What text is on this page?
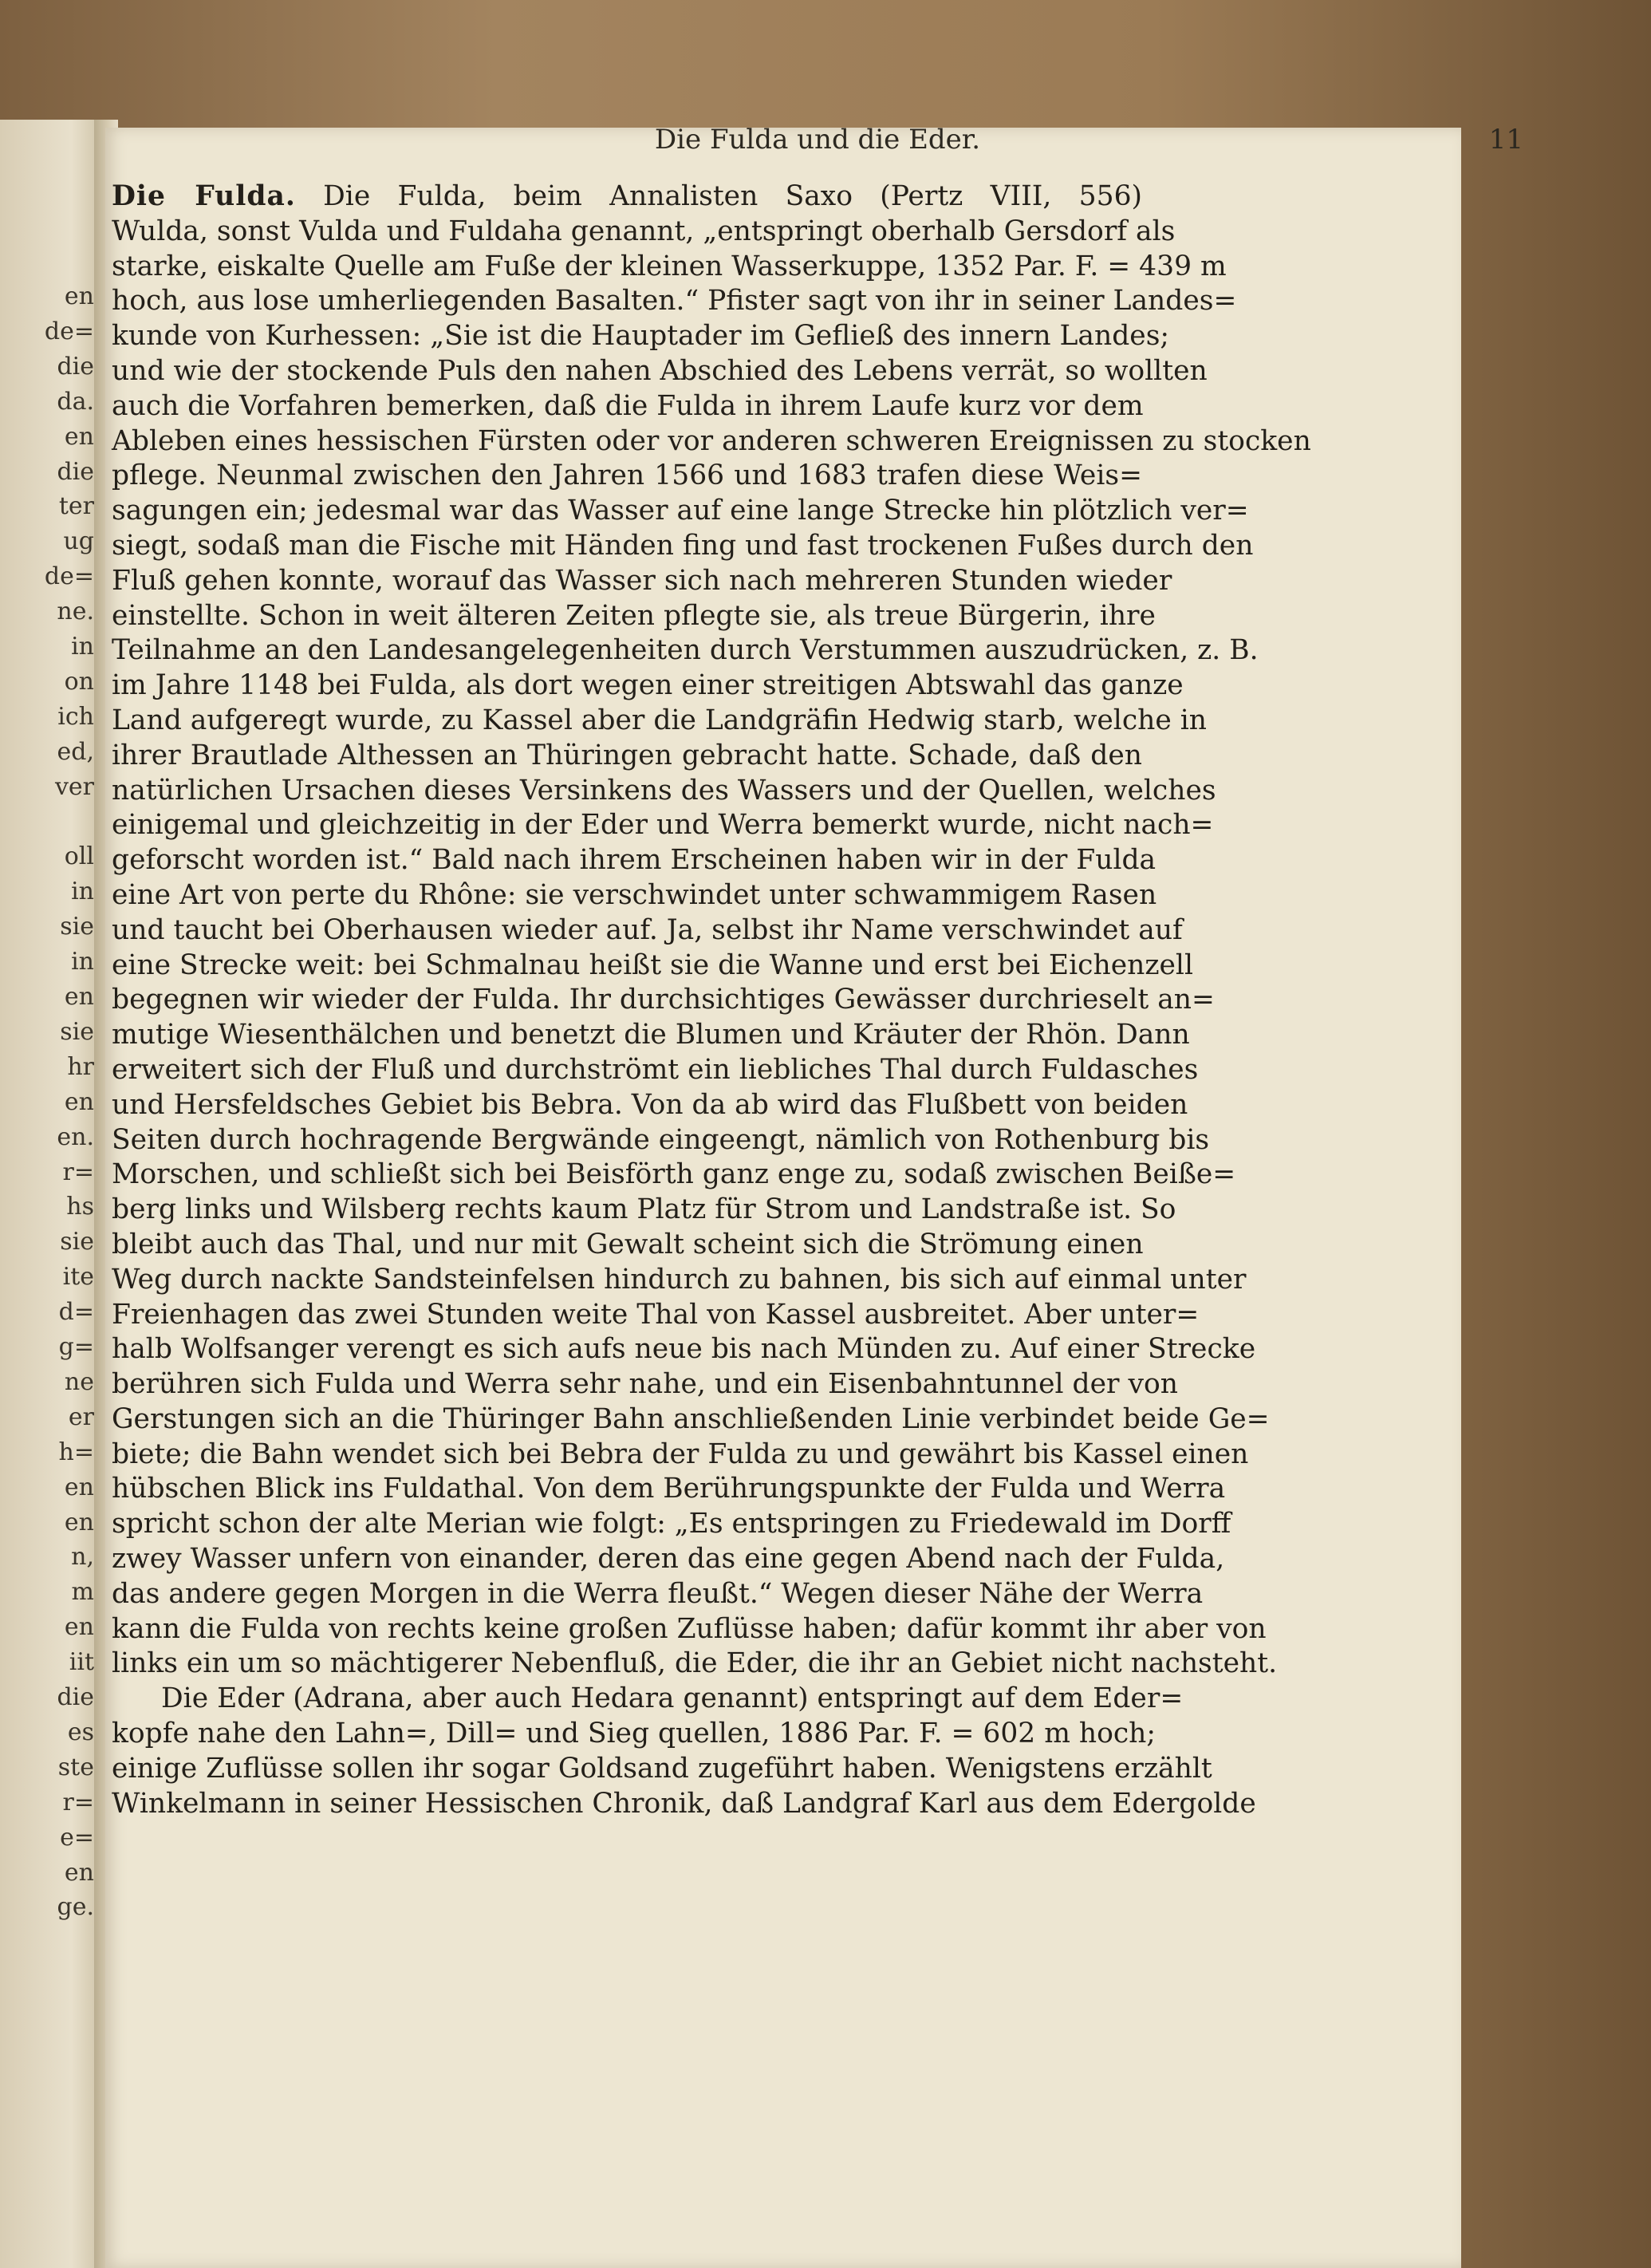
en
de=
die
da.
en
die
ter
ug
de=
ne.
in
on
ich
ed,
ver
oll
in
sie
in
en
sie
hr
en
en.
r=
hs
sie
ite
d=
g=
ne
er
h=
en
en
n,
m
en
iit
die
es
ste
r=
e=
en
ge.
Die Fulda und die Eder.	11

Die Fulda. Die Fulda, beim Annalisten Saxo (Pertz VIII, 556)
Wulda, sonst Vulda und Fuldaha genannt, „entspringt oberhalb Gersdorf als
starke, eiskalte Quelle am Fuße der kleinen Wasserkuppe, 1352 Par. F. = 439 m
hoch, aus lose umherliegenden Basalten.“ Pfister sagt von ihr in seiner Landes=
kunde von Kurhessen: „Sie ist die Hauptader im Gefließ des innern Landes;
und wie der stockende Puls den nahen Abschied des Lebens verrät, so wollten
auch die Vorfahren bemerken, daß die Fulda in ihrem Laufe kurz vor dem
Ableben eines hessischen Fürsten oder vor anderen schweren Ereignissen zu stocken
pflege. Neunmal zwischen den Jahren 1566 und 1683 trafen diese Weis=
sagungen ein; jedesmal war das Wasser auf eine lange Strecke hin plötzlich ver=
siegt, sodaß man die Fische mit Händen fing und fast trockenen Fußes durch den
Fluß gehen konnte, worauf das Wasser sich nach mehreren Stunden wieder
einstellte. Schon in weit älteren Zeiten pflegte sie, als treue Bürgerin, ihre
Teilnahme an den Landesangelegenheiten durch Verstummen auszudrücken, z. B.
im Jahre 1148 bei Fulda, als dort wegen einer streitigen Abtswahl das ganze
Land aufgeregt wurde, zu Kassel aber die Landgräfin Hedwig starb, welche in
ihrer Brautlade Althessen an Thüringen gebracht hatte. Schade, daß den
natürlichen Ursachen dieses Versinkens des Wassers und der Quellen, welches
einigemal und gleichzeitig in der Eder und Werra bemerkt wurde, nicht nach=
geforscht worden ist.“ Bald nach ihrem Erscheinen haben wir in der Fulda
eine Art von perte du Rhône: sie verschwindet unter schwammigem Rasen
und taucht bei Oberhausen wieder auf. Ja, selbst ihr Name verschwindet auf
eine Strecke weit: bei Schmalnau heißt sie die Wanne und erst bei Eichenzell
begegnen wir wieder der Fulda. Ihr durchsichtiges Gewässer durchrieselt an=
mutige Wiesenthälchen und benetzt die Blumen und Kräuter der Rhön. Dann
erweitert sich der Fluß und durchströmt ein liebliches Thal durch Fuldasches
und Hersfeldsches Gebiet bis Bebra. Von da ab wird das Flußbett von beiden
Seiten durch hochragende Bergwände eingeengt, nämlich von Rothenburg bis
Morschen, und schließt sich bei Beisförth ganz enge zu, sodaß zwischen Beiße=
berg links und Wilsberg rechts kaum Platz für Strom und Landstraße ist. So
bleibt auch das Thal, und nur mit Gewalt scheint sich die Strömung einen
Weg durch nackte Sandsteinfelsen hindurch zu bahnen, bis sich auf einmal unter
Freienhagen das zwei Stunden weite Thal von Kassel ausbreitet. Aber unter=
halb Wolfsanger verengt es sich aufs neue bis nach Münden zu. Auf einer Strecke
berühren sich Fulda und Werra sehr nahe, und ein Eisenbahntunnel der von
Gerstungen sich an die Thüringer Bahn anschließenden Linie verbindet beide Ge=
biete; die Bahn wendet sich bei Bebra der Fulda zu und gewährt bis Kassel einen
hübschen Blick ins Fuldathal. Von dem Berührungspunkte der Fulda und Werra
spricht schon der alte Merian wie folgt: „Es entspringen zu Friedewald im Dorff
zwey Wasser unfern von einander, deren das eine gegen Abend nach der Fulda,
das andere gegen Morgen in die Werra fleußt.“ Wegen dieser Nähe der Werra
kann die Fulda von rechts keine großen Zuflüsse haben; dafür kommt ihr aber von
links ein um so mächtigerer Nebenfluß, die Eder, die ihr an Gebiet nicht nachsteht.

Die Eder (Adrana, aber auch Hedara genannt) entspringt auf dem Eder=
kopfe nahe den Lahn=, Dill= und Sieg quellen, 1886 Par. F. = 602 m hoch;
einige Zuflüsse sollen ihr sogar Goldsand zugeführt haben. Wenigstens erzählt
Winkelmann in seiner Hessischen Chronik, daß Landgraf Karl aus dem Edergolde
